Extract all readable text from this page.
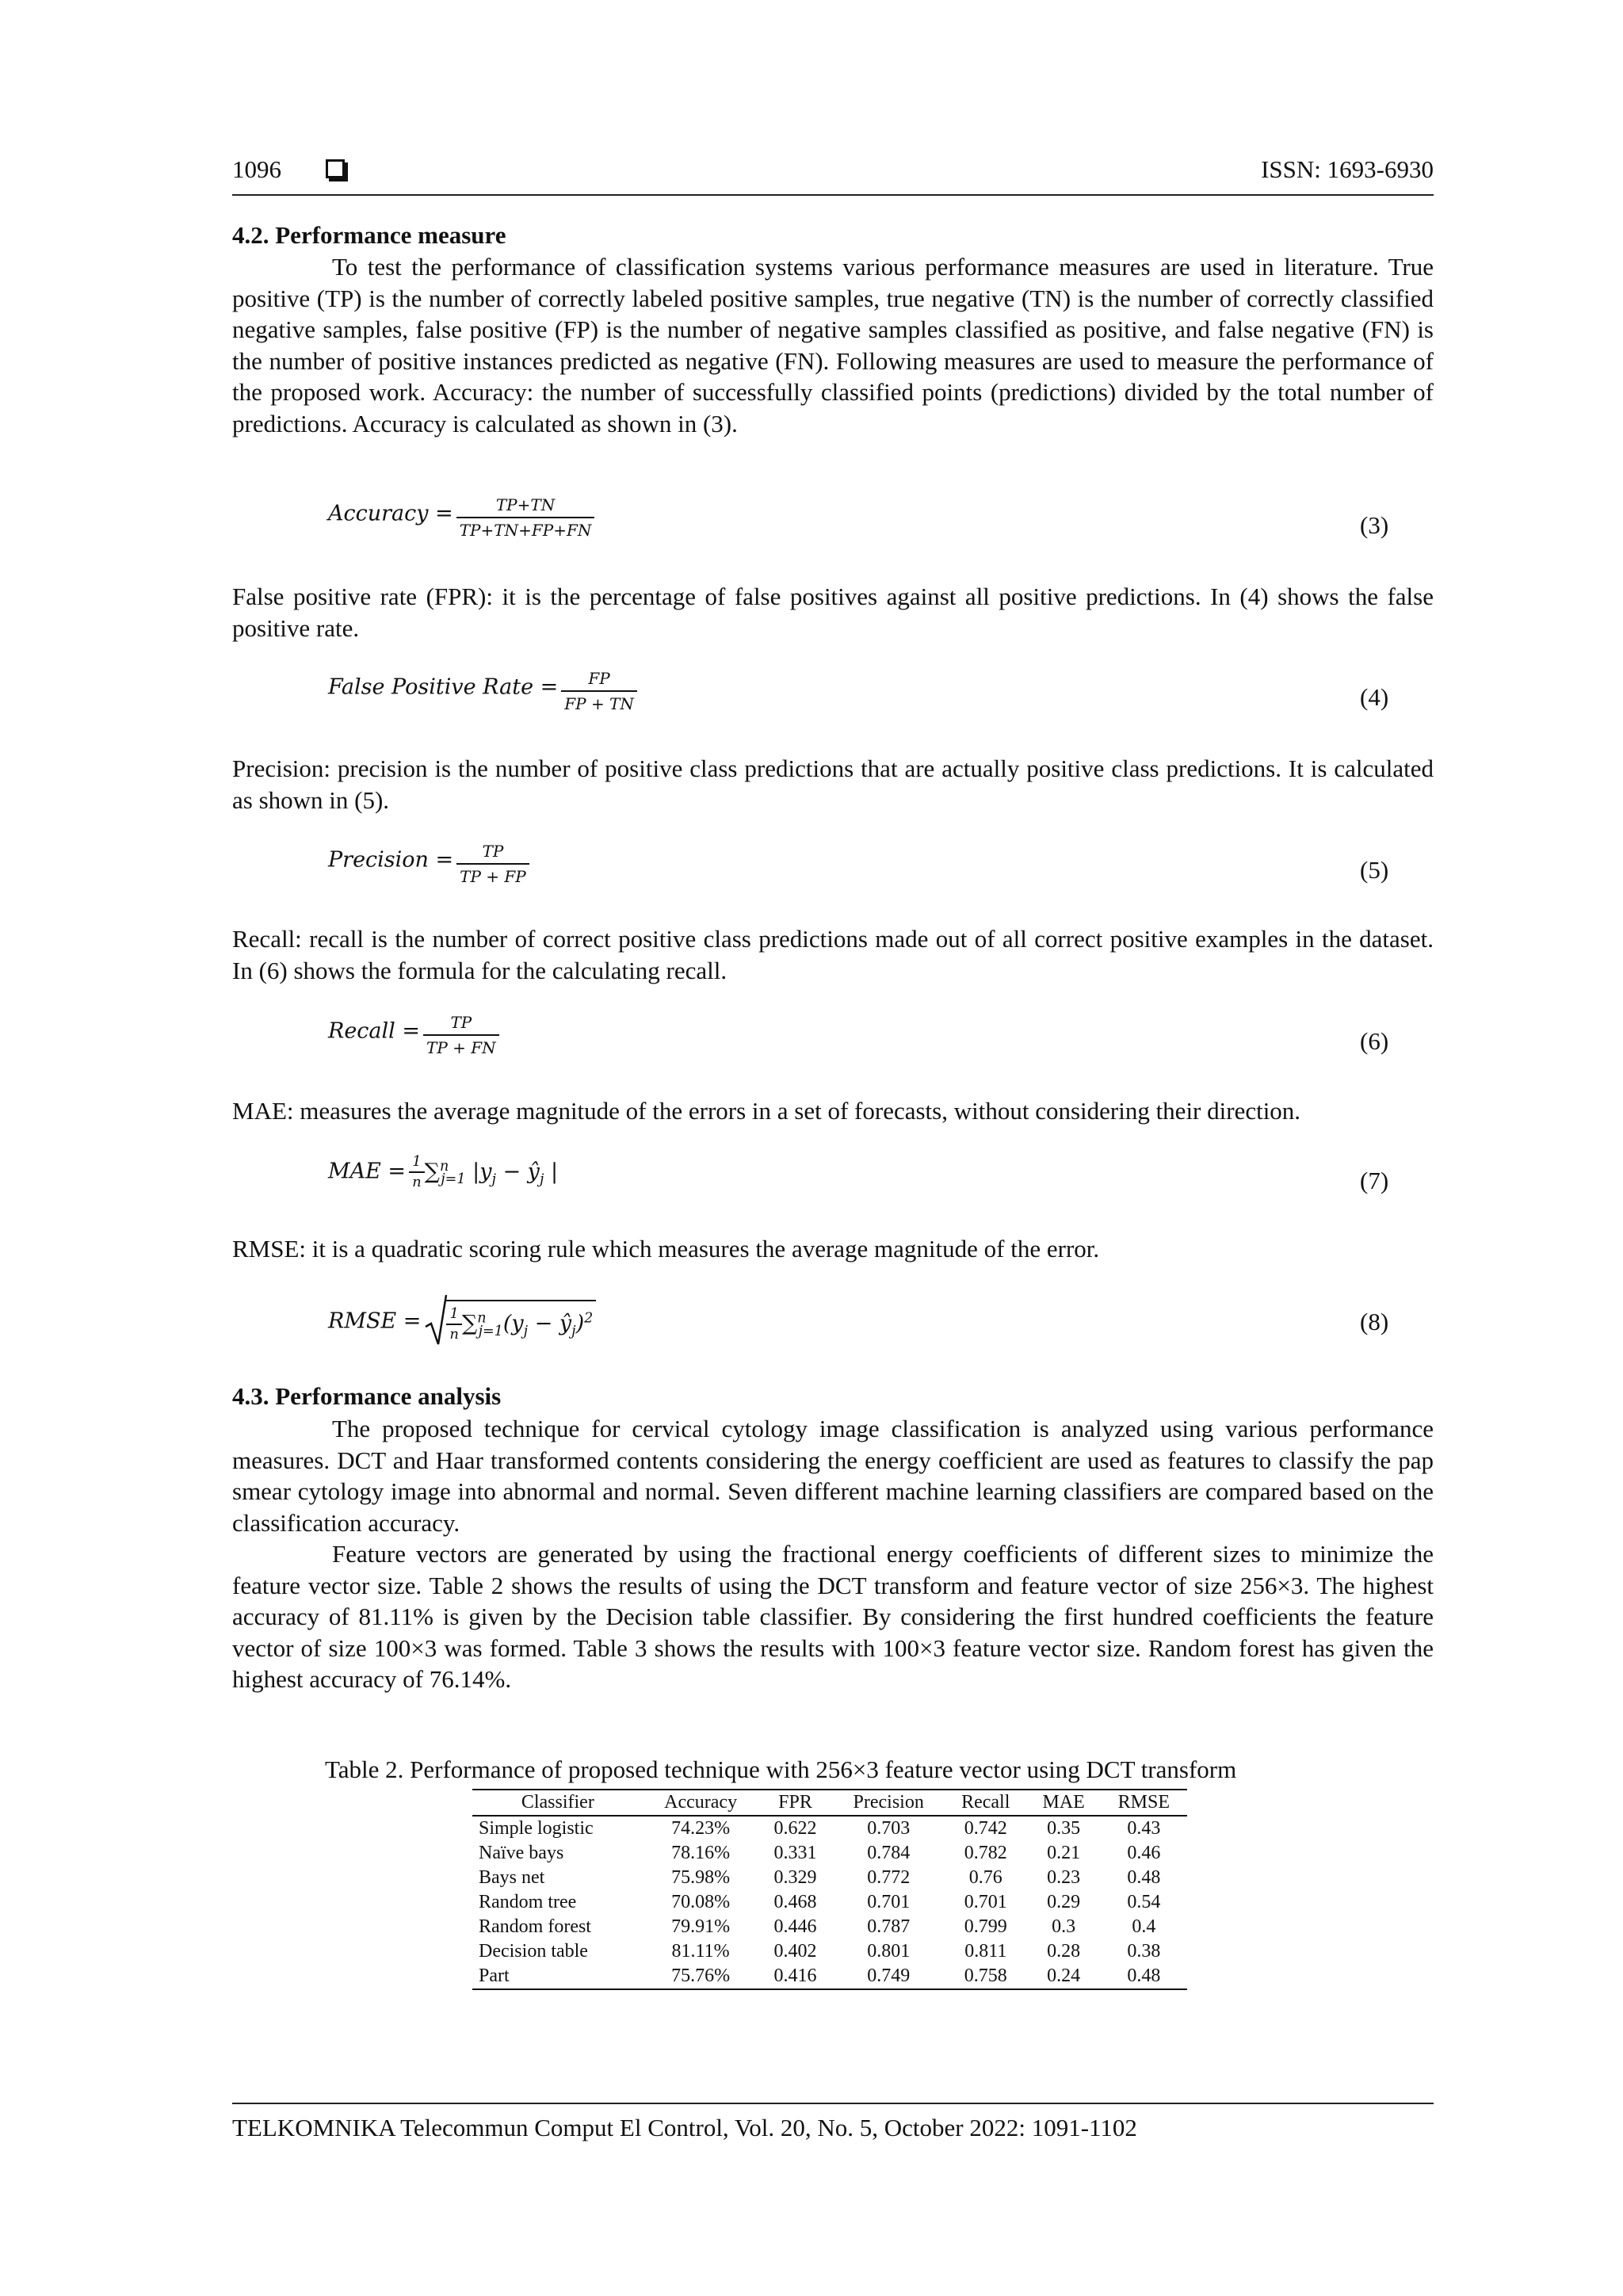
1096	ISSN: 1693-6930
4.2. Performance measure
To test the performance of classification systems various performance measures are used in literature. True positive (TP) is the number of correctly labeled positive samples, true negative (TN) is the number of correctly classified negative samples, false positive (FP) is the number of negative samples classified as positive, and false negative (FN) is the number of positive instances predicted as negative (FN). Following measures are used to measure the performance of the proposed work. Accuracy: the number of successfully classified points (predictions) divided by the total number of predictions. Accuracy is calculated as shown in (3).
Accuracy = $\frac{TP+TN}{TP+TN+FP+FN}$	(3)
False positive rate (FPR): it is the percentage of false positives against all positive predictions. In (4) shows the false positive rate.
False Positive Rate = $\frac{FP}{FP + TN}$	(4)
Precision: precision is the number of positive class predictions that are actually positive class predictions. It is calculated as shown in (5).
Precision = $\frac{TP}{TP + FP}$	(5)
Recall: recall is the number of correct positive class predictions made out of all correct positive examples in the dataset. In (6) shows the formula for the calculating recall.
Recall = $\frac{TP}{TP + FN}$	(6)
MAE: measures the average magnitude of the errors in a set of forecasts, without considering their direction.
MAE = $\frac{1}{n} \sum^n_{j=1}$ $|y_j$ − $ŷ_j$ |	(7)
RMSE: it is a quadratic scoring rule which measures the average magnitude of the error.
RMSE = $\frac{1}{n} \sum^n_{j=1}(y_j$ − $ŷ_j)^2$	(8)
4.3. Performance analysis
The proposed technique for cervical cytology image classification is analyzed using various performance measures. DCT and Haar transformed contents considering the energy coefficient are used as features to classify the pap smear cytology image into abnormal and normal. Seven different machine learning classifiers are compared based on the classification accuracy.
Feature vectors are generated by using the fractional energy coefficients of different sizes to minimize the feature vector size. Table 2 shows the results of using the DCT transform and feature vector of size 256×3. The highest accuracy of 81.11% is given by the Decision table classifier. By considering the first hundred coefficients the feature vector of size 100×3 was formed. Table 3 shows the results with 100×3 feature vector size. Random forest has given the highest accuracy of 76.14%.
Table 2. Performance of proposed technique with 256×3 feature vector using DCT transform
Classifier	Accuracy	FPR	Precision	Recall	MAE	RMSE
Simple logistic	74.23%	0.622	0.703	0.742	0.35	0.43
Naïve bays	78.16%	0.331	0.784	0.782	0.21	0.46
Bays net	75.98%	0.329	0.772	0.76	0.23	0.48
Random tree	70.08%	0.468	0.701	0.701	0.29	0.54
Random forest	79.91%	0.446	0.787	0.799	0.3	0.4
Decision table	81.11%	0.402	0.801	0.811	0.28	0.38
Part	75.76%	0.416	0.749	0.758	0.24	0.48
TELKOMNIKA Telecommun Comput El Control, Vol. 20, No. 5, October 2022: 1091-1102
